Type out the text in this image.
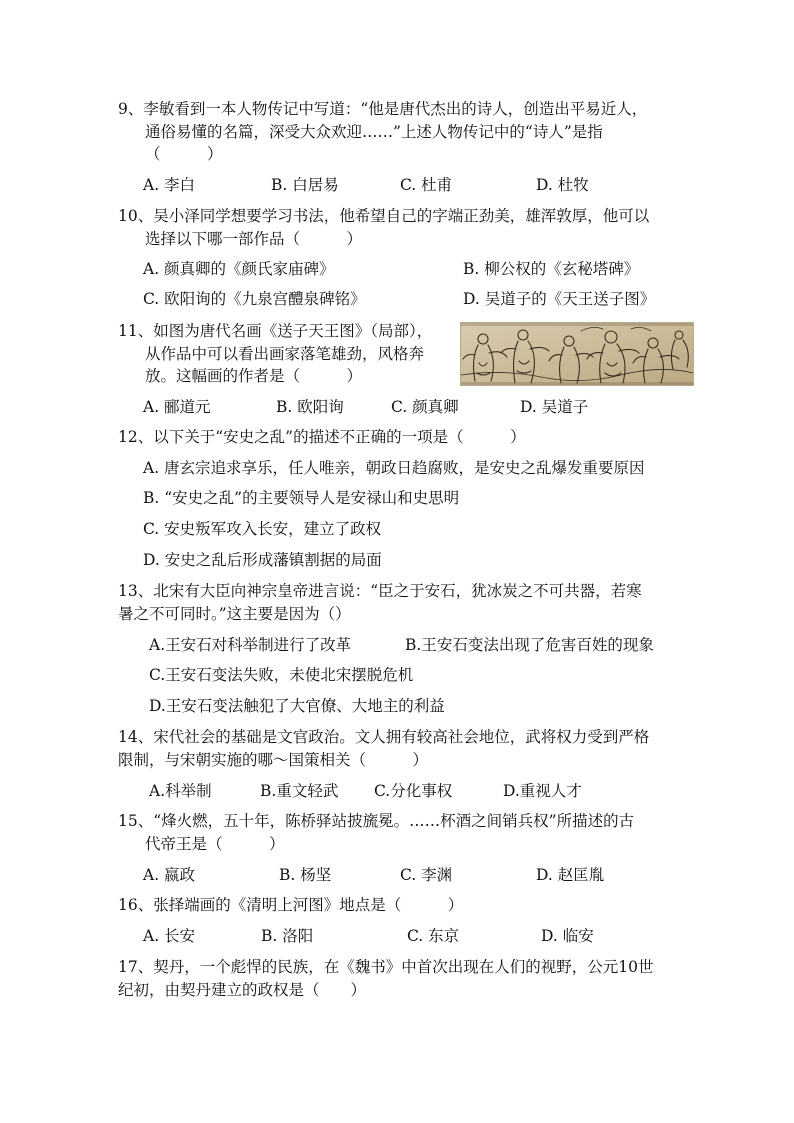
9、李敏看到一本人物传记中写道：“他是唐代杰出的诗人，创造出平易近人，
通俗易懂的名篇，深受大众欢迎……”上述人物传记中的“诗人”是指
（　　　）
A. 李白	B. 白居易	C. 杜甫	D. 杜牧
10、吴小泽同学想要学习书法，他希望自己的字端正劲美，雄浑敦厚，他可以
选择以下哪一部作品（　　　）
A. 颜真卿的《颜氏家庙碑》	B. 柳公权的《玄秘塔碑》
C. 欧阳询的《九泉宫醴泉碑铭》	D. 吴道子的《天王送子图》
11、如图为唐代名画《送子天王图》（局部），
从作品中可以看出画家落笔雄劲，风格奔
放。这幅画的作者是（　　　）
A. 郦道元	B. 欧阳询	C. 颜真卿	D. 吴道子
12、以下关于“安史之乱”的描述不正确的一项是（　　　）
A. 唐玄宗追求享乐，任人唯亲，朝政日趋腐败，是安史之乱爆发重要原因
B. “安史之乱”的主要领导人是安禄山和史思明
C. 安史叛军攻入长安，建立了政权
D. 安史之乱后形成藩镇割据的局面
13、北宋有大臣向神宗皇帝进言说：“臣之于安石，犹冰炭之不可共器，若寒
暑之不可同时。”这主要是因为（）
A.王安石对科举制进行了改革	B.王安石变法出现了危害百姓的现象
C.王安石变法失败，未使北宋摆脱危机
D.王安石变法触犯了大官僚、大地主的利益
14、宋代社会的基础是文官政治。文人拥有较高社会地位，武将权力受到严格
限制，与宋朝实施的哪～国策相关（　　　）
A.科举制	B.重文轻武 C.分化事权	D.重视人才
15、“烽火燃，五十年，陈桥驿站披旒冕。……杯酒之间销兵权”所描述的古
代帝王是（　　　）
A. 嬴政	B. 杨坚	C. 李渊	D. 赵匡胤
16、张择端画的《清明上河图》地点是（　　　）
A. 长安	B. 洛阳	C. 东京	D. 临安
17、契丹，一个彪悍的民族，在《魏书》中首次出现在人们的视野，公元10世
纪初，由契丹建立的政权是（　　）
